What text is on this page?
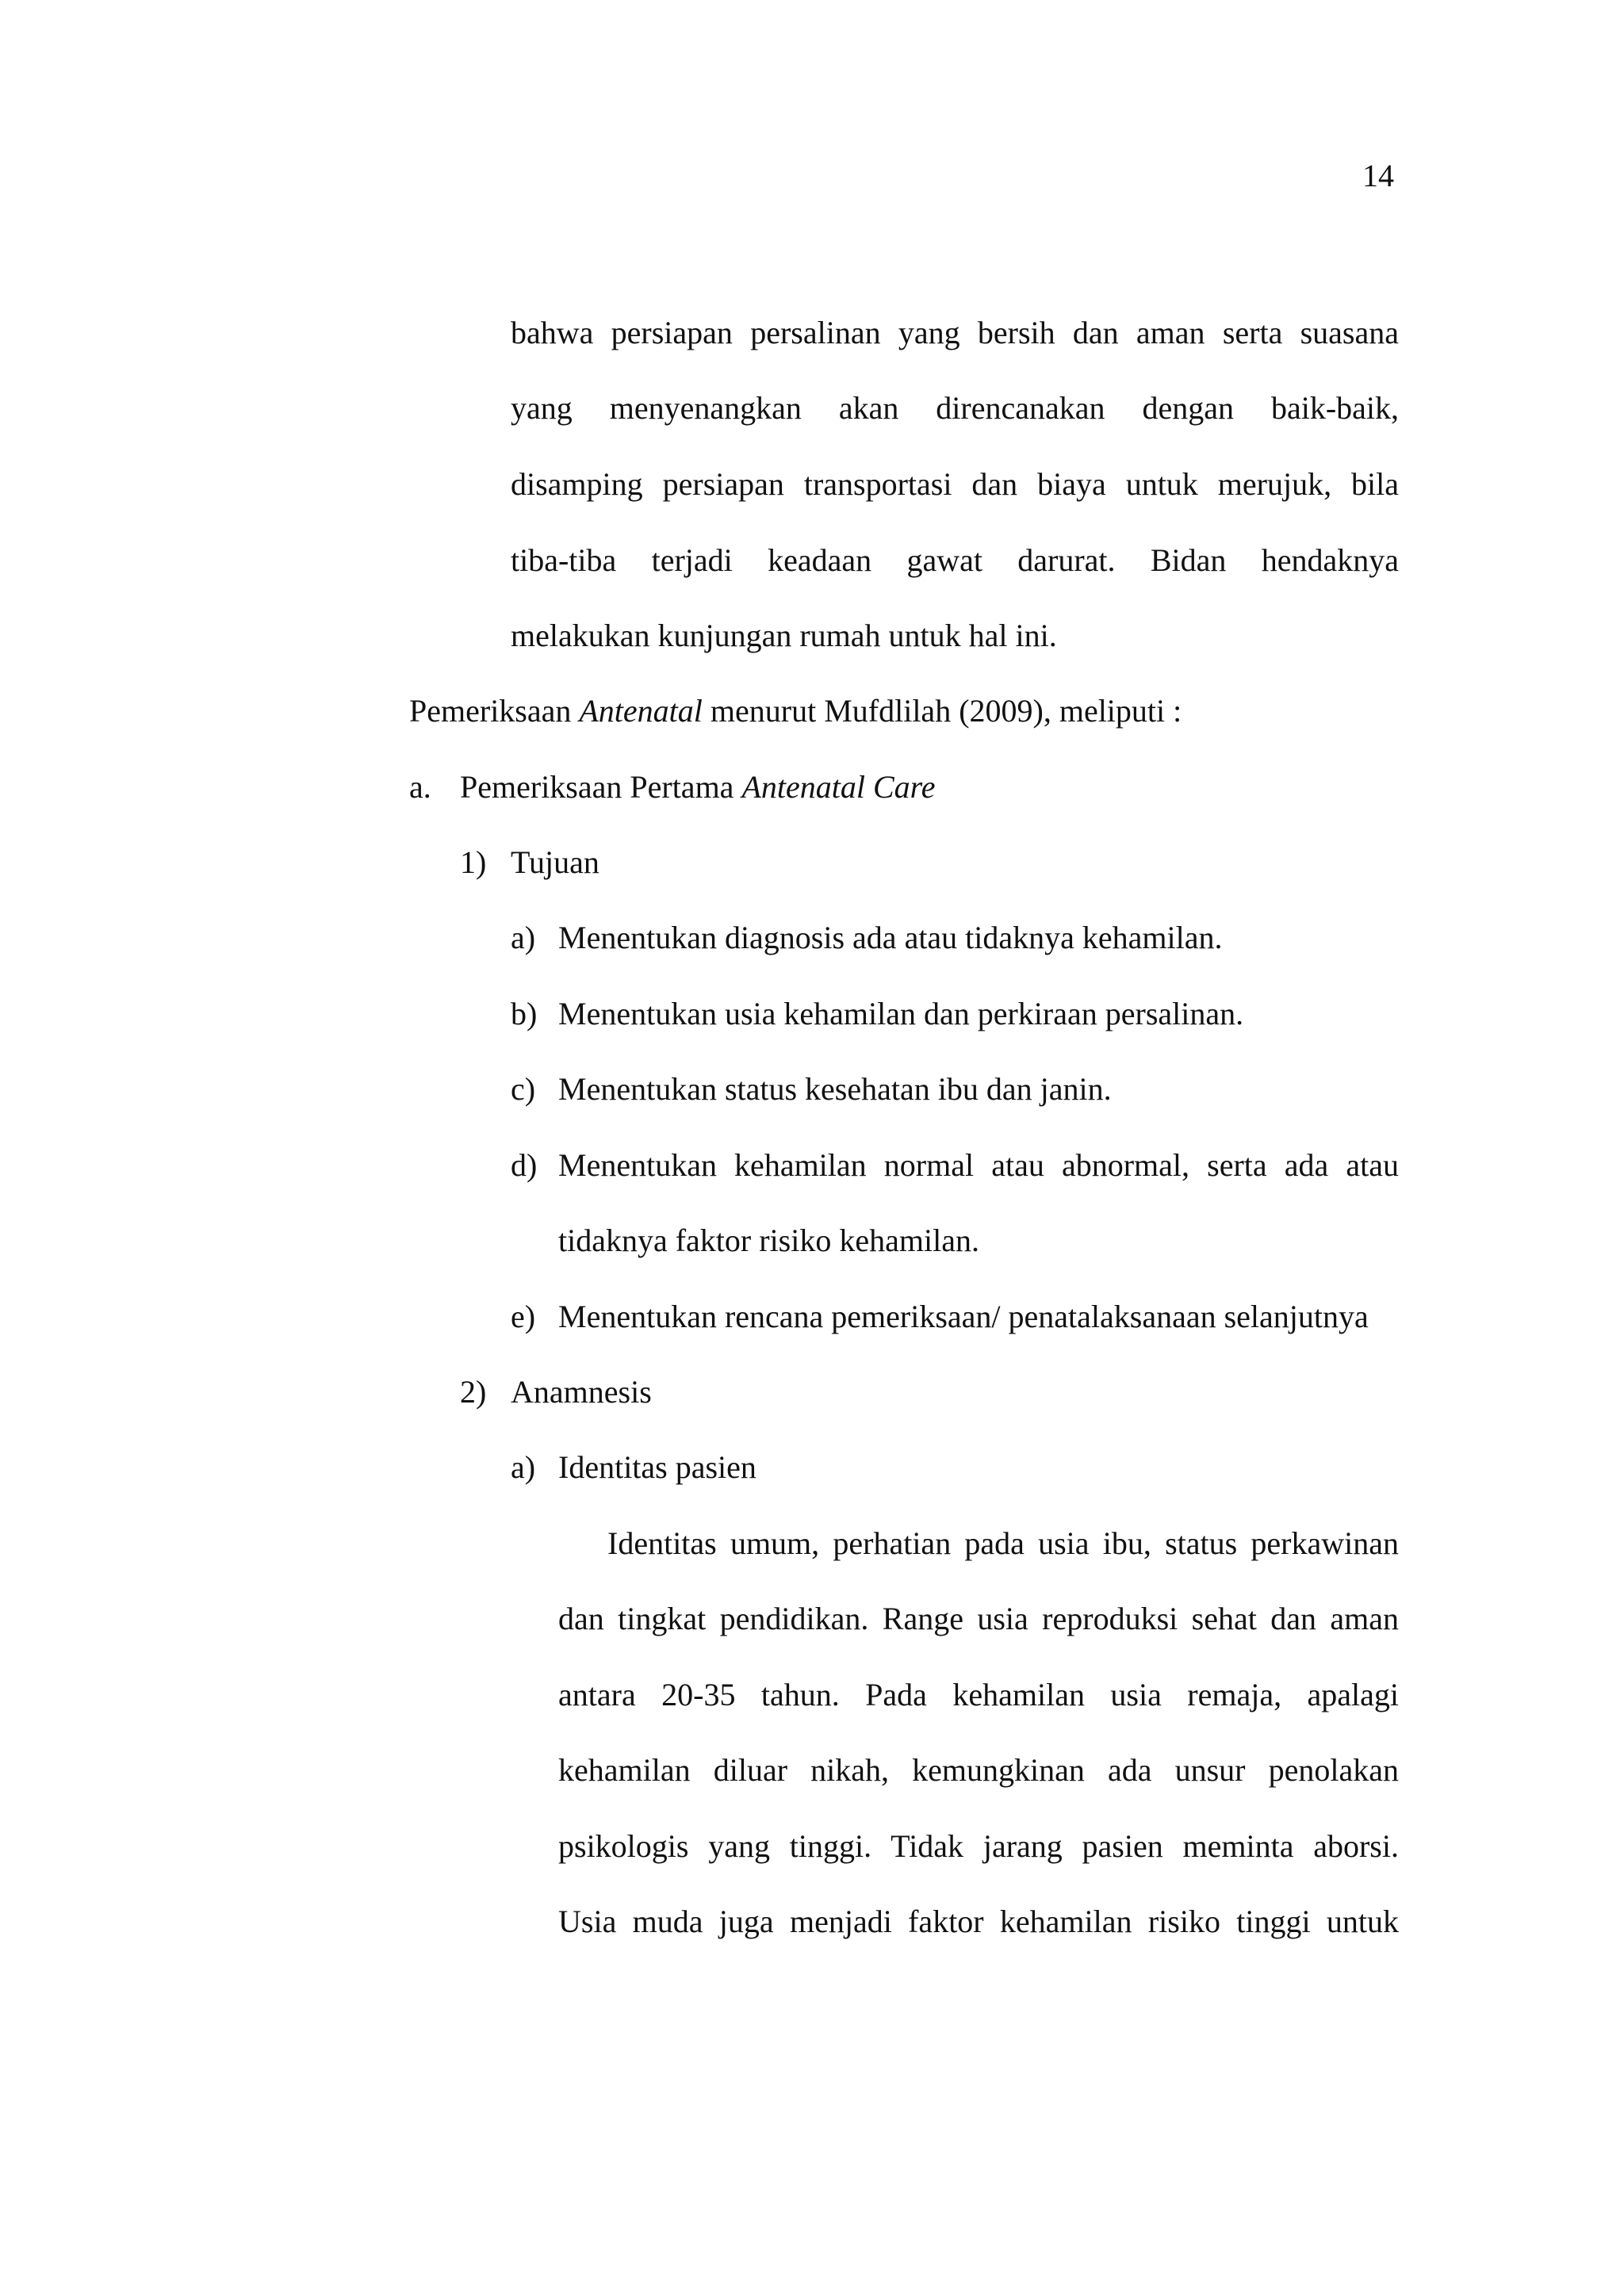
14
bahwa persiapan persalinan yang bersih dan aman serta suasana
yang menyenangkan akan direncanakan dengan baik-baik,
disamping persiapan transportasi dan biaya untuk merujuk, bila
tiba-tiba terjadi keadaan gawat darurat. Bidan hendaknya
melakukan kunjungan rumah untuk hal ini.
Pemeriksaan Antenatal menurut Mufdlilah (2009), meliputi :
a. Pemeriksaan Pertama Antenatal Care
1) Tujuan
a) Menentukan diagnosis ada atau tidaknya kehamilan.
b) Menentukan usia kehamilan dan perkiraan persalinan.
c) Menentukan status kesehatan ibu dan janin.
d) Menentukan kehamilan normal atau abnormal, serta ada atau
tidaknya faktor risiko kehamilan.
e) Menentukan rencana pemeriksaan/ penatalaksanaan selanjutnya
2) Anamnesis
a) Identitas pasien
Identitas umum, perhatian pada usia ibu, status perkawinan
dan tingkat pendidikan. Range usia reproduksi sehat dan aman
antara 20-35 tahun. Pada kehamilan usia remaja, apalagi
kehamilan diluar nikah, kemungkinan ada unsur penolakan
psikologis yang tinggi. Tidak jarang pasien meminta aborsi.
Usia muda juga menjadi faktor kehamilan risiko tinggi untuk
